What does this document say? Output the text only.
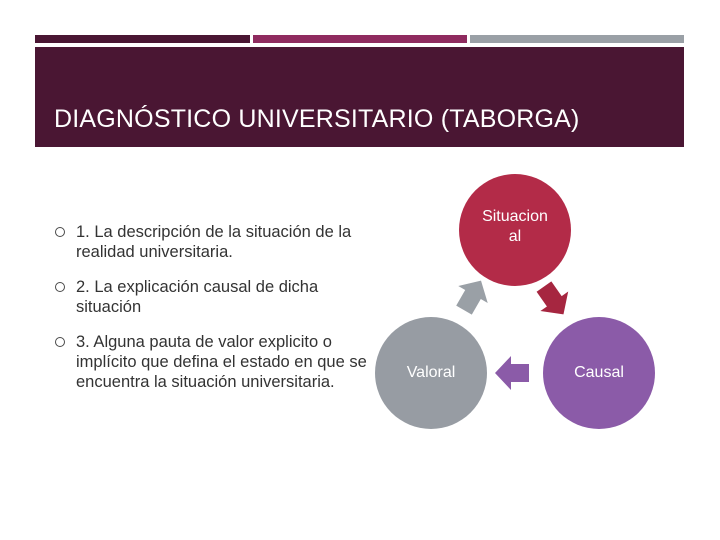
DIAGNÓSTICO UNIVERSITARIO (TABORGA)
1. La descripción de la situación de la realidad universitaria.
2. La explicación causal de dicha situación
3. Alguna pauta de valor explicito o implícito que defina el estado en que se encuentra la situación universitaria.
Situacion
al
Causal
Valoral
